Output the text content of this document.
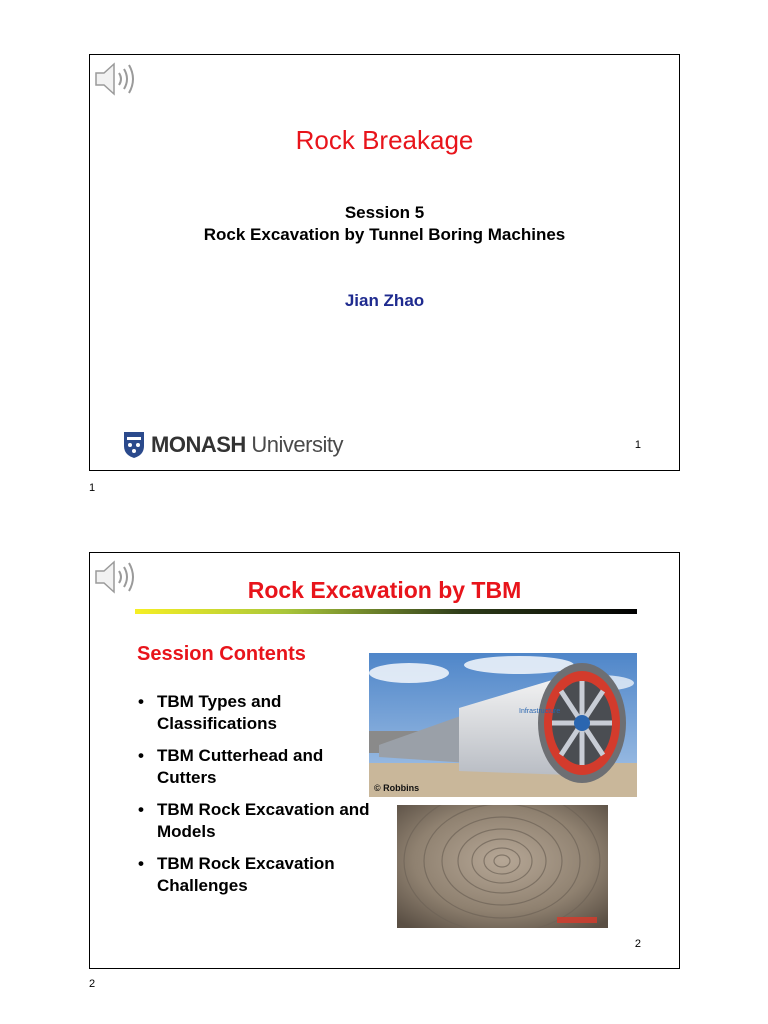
Rock Breakage
Session 5
Rock Excavation by Tunnel Boring Machines
Jian Zhao
MONASH University	1
1
Rock Excavation by TBM
Session Contents
• TBM Types and Classifications
• TBM Cutterhead and Cutters
• TBM Rock Excavation and Models
• TBM Rock Excavation Challenges
Infrastructure
© Robbins
2
2
